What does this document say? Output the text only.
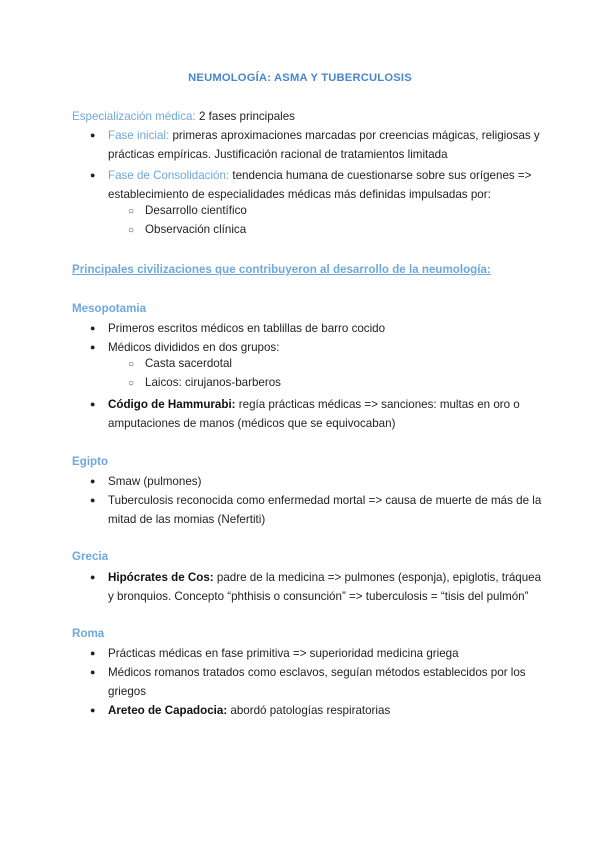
NEUMOLOGÍA: ASMA Y TUBERCULOSIS
Especialización médica: 2 fases principales
● Fase inicial: primeras aproximaciones marcadas por creencias mágicas, religiosas y
prácticas empíricas. Justificación racional de tratamientos limitada
● Fase de Consolidación: tendencia humana de cuestionarse sobre sus orígenes =>
establecimiento de especialidades médicas más definidas impulsadas por:
○ Desarrollo científico
○ Observación clínica
Principales civilizaciones que contribuyeron al desarrollo de la neumología:
Mesopotamia
● Primeros escritos médicos en tablillas de barro cocido
● Médicos divididos en dos grupos:
○ Casta sacerdotal
○ Laicos: cirujanos-barberos
● Código de Hammurabi: regía prácticas médicas => sanciones: multas en oro o
amputaciones de manos (médicos que se equivocaban)
Egipto
● Smaw (pulmones)
● Tuberculosis reconocida como enfermedad mortal => causa de muerte de más de la
mitad de las momias (Nefertiti)
Grecia
● Hipócrates de Cos: padre de la medicina => pulmones (esponja), epiglotis, tráquea
y bronquios. Concepto “phthisis o consunción” => tuberculosis = “tisis del pulmón”
Roma
● Prácticas médicas en fase primitiva => superioridad medicina griega
● Médicos romanos tratados como esclavos, seguían métodos establecidos por los
griegos
● Areteo de Capadocia: abordó patologías respiratorias
